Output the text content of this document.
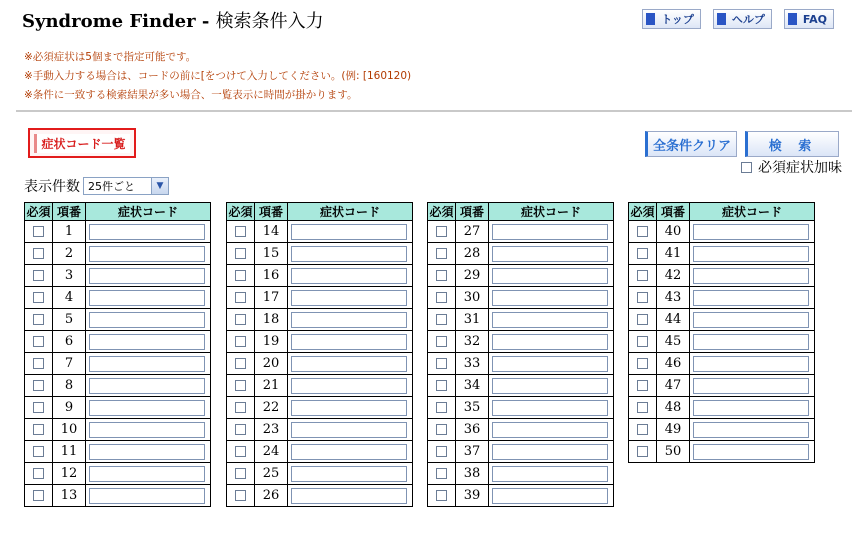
Syndrome Finder - 検索条件入力	トップ	ヘルプ	FAQ
※必須症状は5個まで指定可能です。
※手動入力する場合は、コードの前に[をつけて入力してください。(例: [160120)
※条件に一致する検索結果が多い場合、一覧表示に時間が掛かります。
症状コード一覧	全条件クリア	検 索
必須症状加味
表示件数 25件ごと	▼
必須	項番	症状コード
	1	

	2	

	3	

	4	

	5	

	6	

	7	

	8	

	9	

	10	

	11	

	12	

	13	
必須	項番	症状コード
	14	

	15	

	16	

	17	

	18	

	19	

	20	

	21	

	22	

	23	

	24	

	25	

	26	
必須	項番	症状コード
	27	

	28	

	29	

	30	

	31	

	32	

	33	

	34	

	35	

	36	

	37	

	38	

	39	
必須	項番	症状コード
	40	

	41	

	42	

	43	

	44	

	45	

	46	

	47	

	48	

	49	

	50	
